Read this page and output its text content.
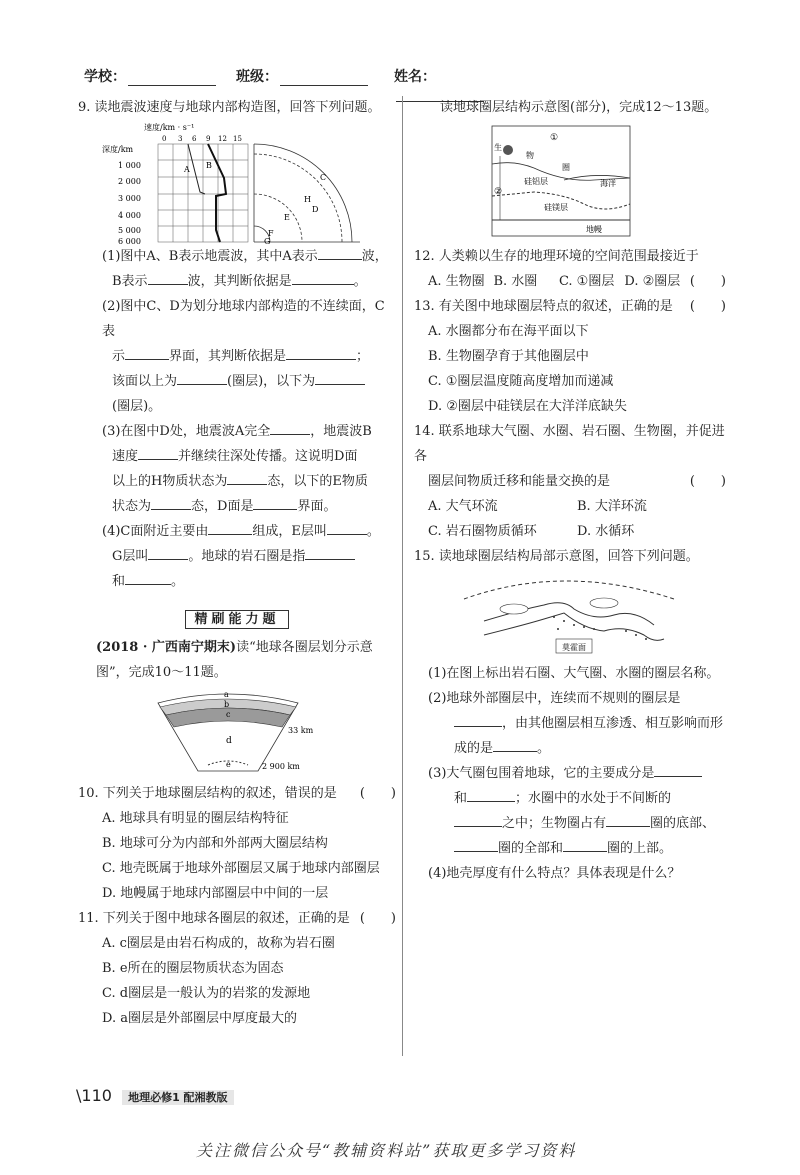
学校：	班级：	姓名：

9. 读地震波速度与地球内部构造图，回答下列问题。

速度/km · s⁻¹
0 3 6 9 12 15
深度/km
1 000
2 000
3 000
4 000
5 000
6 000
A B
C
D
E
F
G
H

(1)图中A、B表示地震波，其中A表示	波，

B表示	波，其判断依据是	。

(2)图中C、D为划分地球内部构造的不连续面，C表

示	界面，其判断依据是	；

该面以上为	(圈层)，以下为

(圈层)。

(3)在图中D处，地震波A完全	，地震波B

速度	并继续往深处传播。这说明D面

以上的H物质状态为	态，以下的E物质

状态为	态，D面是	界面。

(4)C面附近主要由	组成，E层叫	。

G层叫	。地球的岩石圈是指

和	。

精刷能力题

(2018 · 广西南宁期末)读“地球各圈层划分示意图”，完成10～11题。

a
b
c
d
e
33 km
2 900 km

10. 下列关于地球圈层结构的叙述，错误的是 (　　)

A. 地球具有明显的圈层结构特征

B. 地球可分为内部和外部两大圈层结构

C. 地壳既属于地球外部圈层又属于地球内部圈层

D. 地幔属于地球内部圈层中中间的一层

11. 下列关于图中地球各圈层的叙述，正确的是 (　　)

A. c圈层是由岩石构成的，故称为岩石圈

B. e所在的圈层物质状态为固态

C. d圈层是一般认为的岩浆的发源地

D. a圈层是外部圈层中厚度最大的

读地球圈层结构示意图(部分)，完成12～13题。

①
生
物
圈
海洋
②
硅铝层
硅镁层
地幔

12. 人类赖以生存的地理环境的空间范围最接近于
(　　)

A. 生物圈 B. 水圈	C. ①圈层 D. ②圈层

13. 有关图中地球圈层特点的叙述，正确的是 (　　)

A. 水圈都分布在海平面以下

B. 生物圈孕育于其他圈层中

C. ①圈层温度随高度增加而递减

D. ②圈层中硅镁层在大洋洋底缺失

14. 联系地球大气圈、水圈、岩石圈、生物圈，并促进各

圈层间物质迁移和能量交换的是	(　　)

A. 大气环流	B. 大洋环流
C. 岩石圈物质循环	D. 水循环

15. 读地球圈层结构局部示意图，回答下列问题。

莫霍面

(1)在图上标出岩石圈、大气圈、水圈的圈层名称。

(2)地球外部圈层中，连续而不规则的圈层是

，由其他圈层相互渗透、相互影响而形

成的是	。

(3)大气圈包围着地球，它的主要成分是

和	；水圈中的水处于不间断的

之中；生物圈占有	圈的底部、

圈的全部和	圈的上部。

(4)地壳厚度有什么特点？具体表现是什么？

\110 地理必修1 配湘教版
关注微信公众号“教辅资料站”获取更多学习资料
